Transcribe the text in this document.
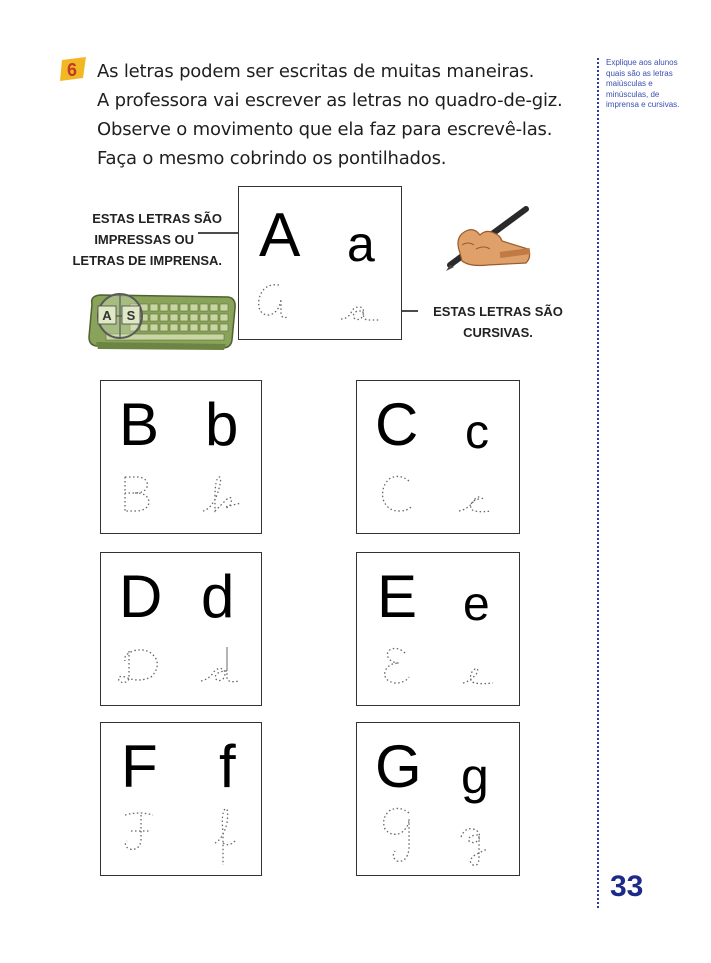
6 As letras podem ser escritas de muitas maneiras.
A professora vai escrever as letras no quadro-de-giz.
Observe o movimento que ela faz para escrevê-las.
Faça o mesmo cobrindo os pontilhados.
Explique aos alunos quais são as letras maiúsculas e minúsculas, de imprensa e cursivas.
33
ESTAS LETRAS SÃO
IMPRESSAS OU
LETRAS DE IMPRENSA.
ESTAS LETRAS SÃO
CURSIVAS.
A S
A a
B b C c
D d E e
F f G g
